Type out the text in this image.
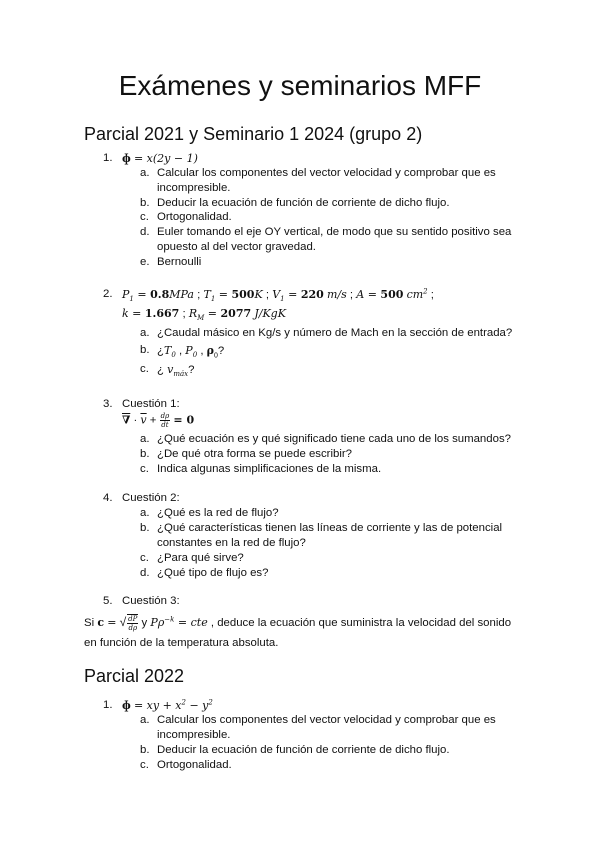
Exámenes y seminarios MFF
Parcial 2021 y Seminario 1 2024 (grupo 2)
1. ɸ = x(2y − 1)
a. Calcular los componentes del vector velocidad y comprobar que es
incompresible.
b. Deducir la ecuación de función de corriente de dicho flujo.
c. Ortogonalidad.
d. Euler tomando el eje OY vertical, de modo que su sentido positivo sea
opuesto al del vector gravedad.
e. Bernoulli
2. $P_1 = 0.8MPa$ ; $T_1 = 500K$ ; $V_1 = 220$ m/s ; A = 500 $cm^2$ ;
k = 1.667 ; $R_M = 2077$ J/KgK
a. ¿Caudal másico en Kg/s y número de Mach en la sección de entrada?
b. ¿$T_0$ , $P_0$ , $\rho_0$?
c. ¿ $v_{máx}$?
3. Cuestión 1:
∇ · $\overline{v} + \frac{d\rho}{dt} = 0$
a. ¿Qué ecuación es y qué significado tiene cada uno de los sumandos?
b. ¿De qué otra forma se puede escribir?
c. Indica algunas simplificaciones de la misma.
4. Cuestión 2:
a. ¿Qué es la red de flujo?
b. ¿Qué características tienen las líneas de corriente y las de potencial
constantes en la red de flujo?
c. ¿Para qué sirve?
d. ¿Qué tipo de flujo es?
5. Cuestión 3:
Si c = √ $\frac{dP}{d\rho}$ y $P\rho^{-k}$ = cte , deduce la ecuación que suministra la velocidad del sonido
en función de la temperatura absoluta.
Parcial 2022
1. ɸ = xy + $x^2 - y^2$
a. Calcular los componentes del vector velocidad y comprobar que es
incompresible.
b. Deducir la ecuación de función de corriente de dicho flujo.
c. Ortogonalidad.
